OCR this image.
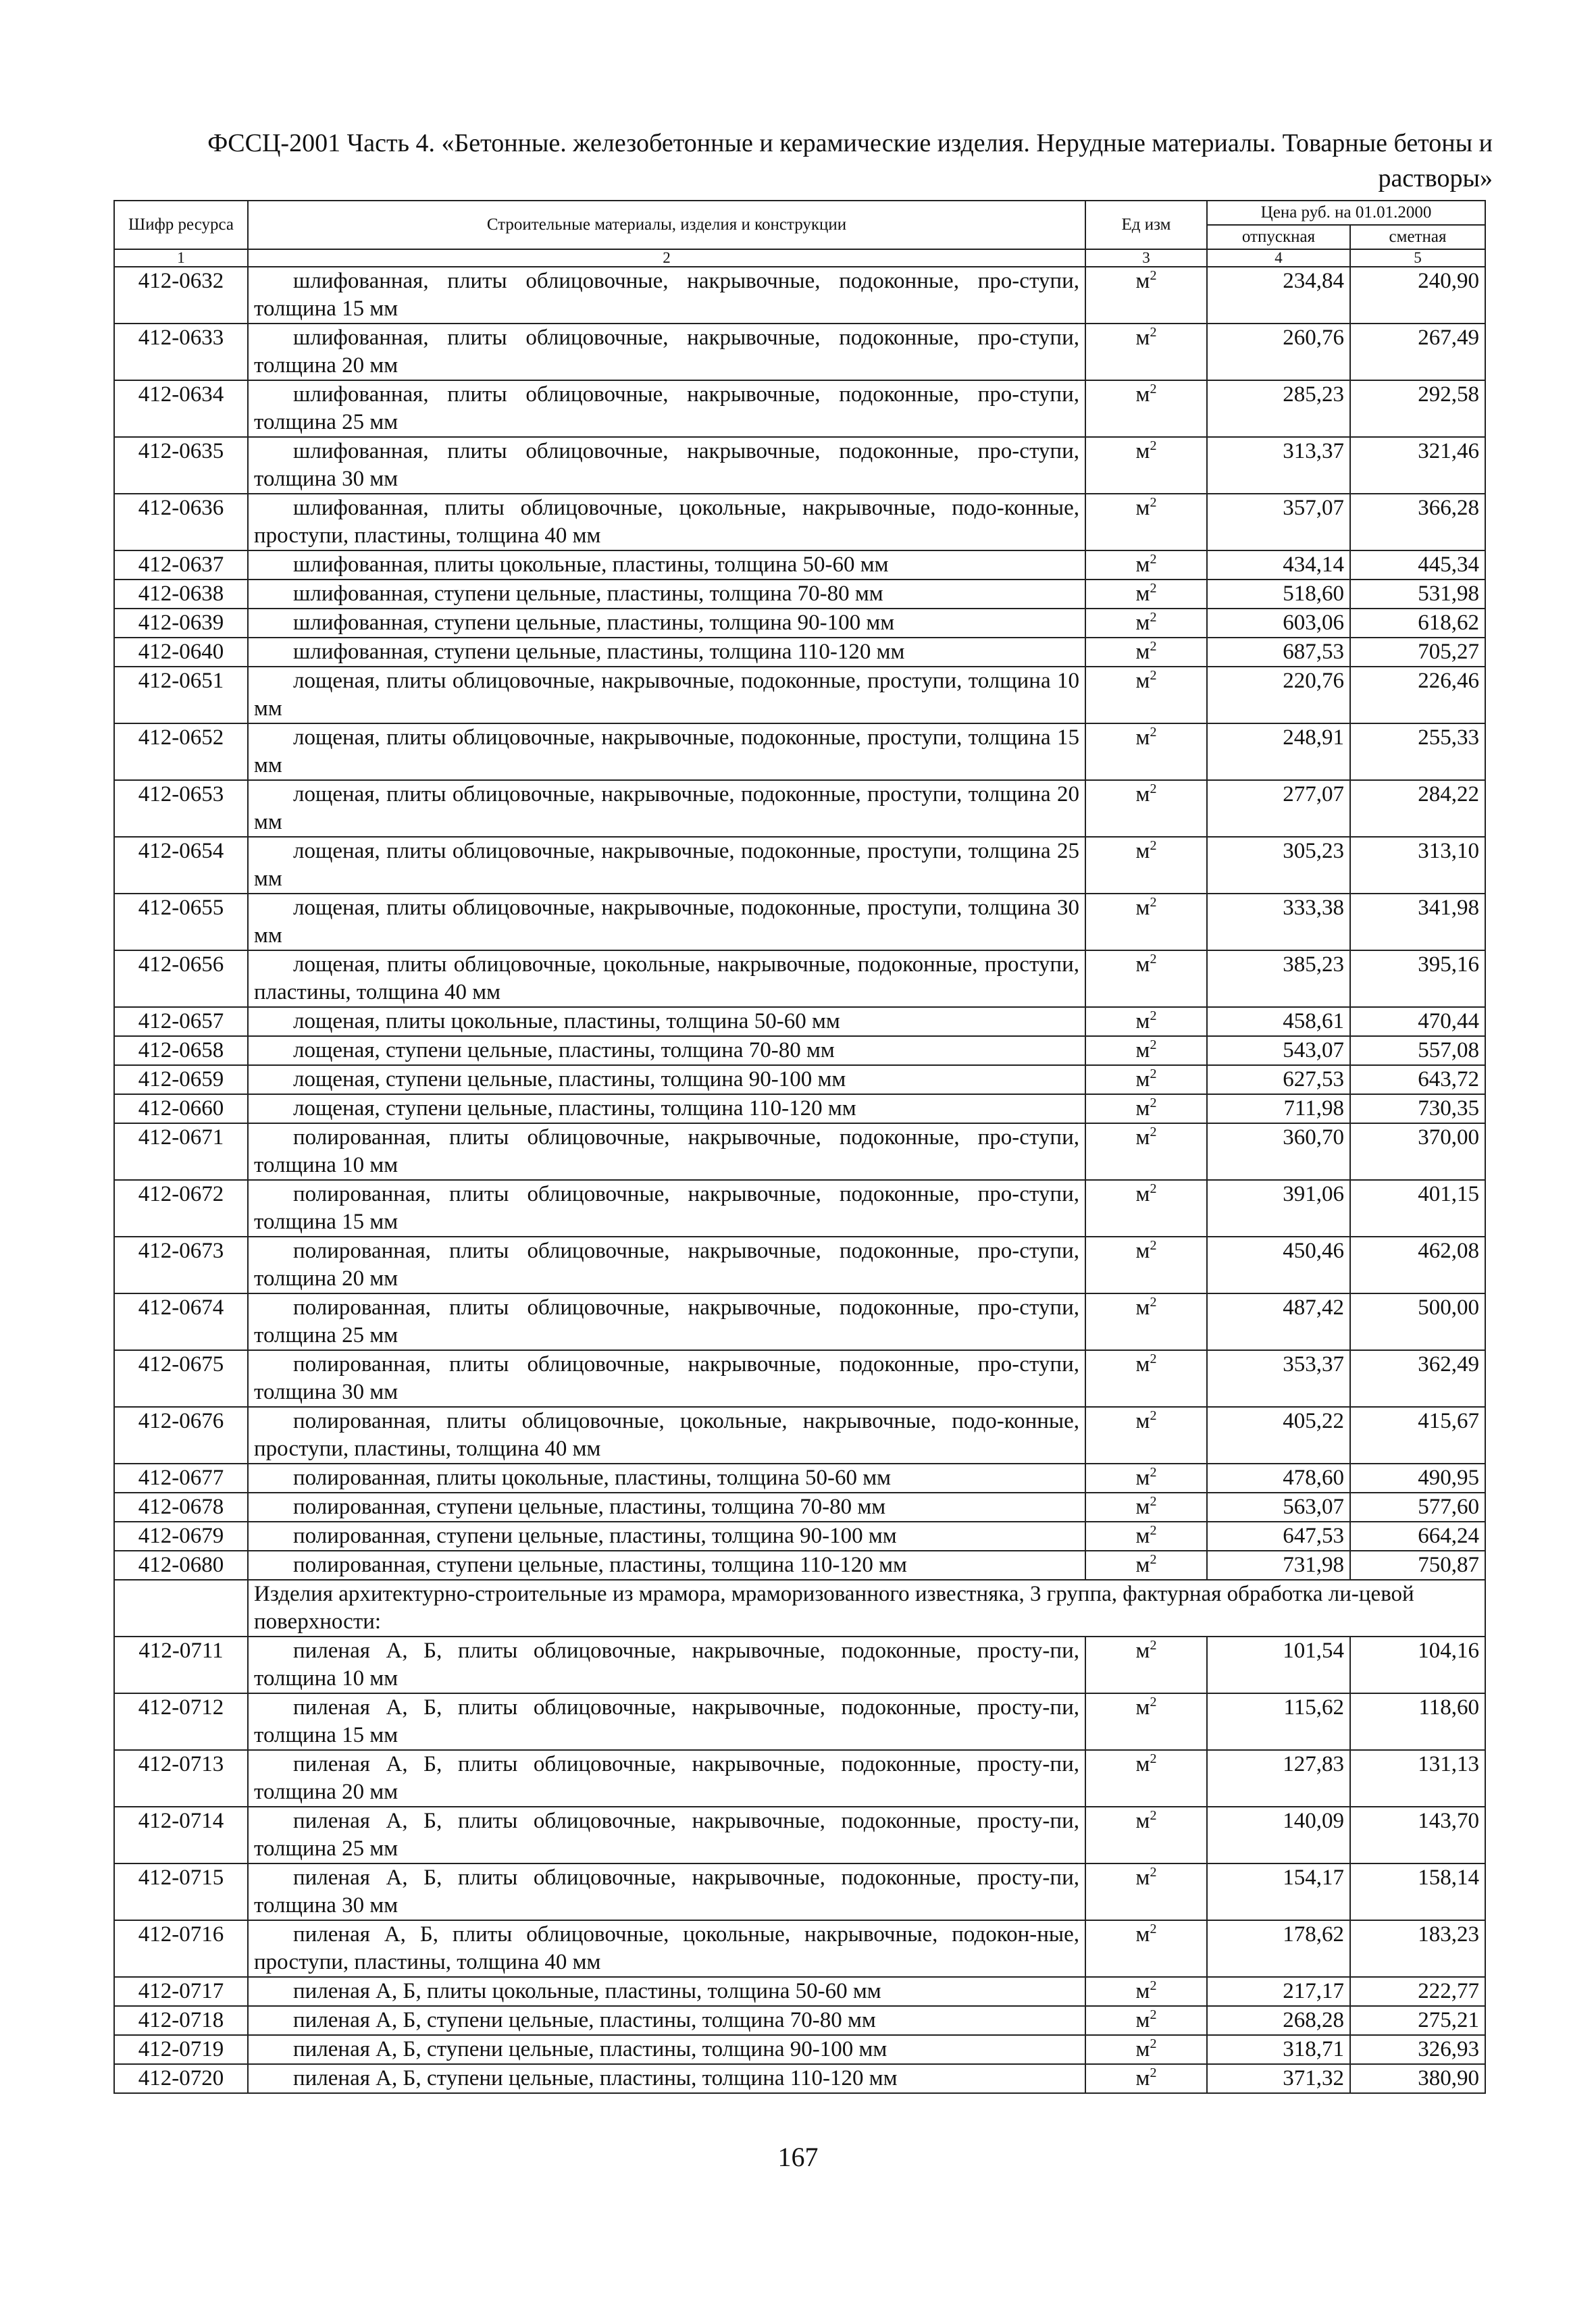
ФССЦ-2001 Часть 4. «Бетонные. железобетонные и керамические изделия. Нерудные материалы. Товарные бетоны и
растворы»
Шифр ресурса	Строительные материалы, изделия и конструкции	Ед изм	Цена руб. на 01.01.2000	
			отпускная	сметная
1	2	3	4	5
412-0632	шлифованная, плиты облицовочные, накрывочные, подоконные, про-ступи, толщина 15 мм	$м^2$	234,84	240,90
412-0633	шлифованная, плиты облицовочные, накрывочные, подоконные, про-ступи, толщина 20 мм	$м^2$	260,76	267,49
412-0634	шлифованная, плиты облицовочные, накрывочные, подоконные, про-ступи, толщина 25 мм	$м^2$	285,23	292,58
412-0635	шлифованная, плиты облицовочные, накрывочные, подоконные, про-ступи, толщина 30 мм	$м^2$	313,37	321,46
412-0636	шлифованная, плиты облицовочные, цокольные, накрывочные, подо-конные, проступи, пластины, толщина 40 мм	$м^2$	357,07	366,28
412-0637	шлифованная, плиты цокольные, пластины, толщина 50-60 мм	$м^2$	434,14	445,34
412-0638	шлифованная, ступени цельные, пластины, толщина 70-80 мм	$м^2$	518,60	531,98
412-0639	шлифованная, ступени цельные, пластины, толщина 90-100 мм	$м^2$	603,06	618,62
412-0640	шлифованная, ступени цельные, пластины, толщина 110-120 мм	$м^2$	687,53	705,27
412-0651	лощеная, плиты облицовочные, накрывочные, подоконные, проступи, толщина 10 мм	$м^2$	220,76	226,46
412-0652	лощеная, плиты облицовочные, накрывочные, подоконные, проступи, толщина 15 мм	$м^2$	248,91	255,33
412-0653	лощеная, плиты облицовочные, накрывочные, подоконные, проступи, толщина 20 мм	$м^2$	277,07	284,22
412-0654	лощеная, плиты облицовочные, накрывочные, подоконные, проступи, толщина 25 мм	$м^2$	305,23	313,10
412-0655	лощеная, плиты облицовочные, накрывочные, подоконные, проступи, толщина 30 мм	$м^2$	333,38	341,98
412-0656	лощеная, плиты облицовочные, цокольные, накрывочные, подоконные, проступи, пластины, толщина 40 мм	$м^2$	385,23	395,16
412-0657	лощеная, плиты цокольные, пластины, толщина 50-60 мм	$м^2$	458,61	470,44
412-0658	лощеная, ступени цельные, пластины, толщина 70-80 мм	$м^2$	543,07	557,08
412-0659	лощеная, ступени цельные, пластины, толщина 90-100 мм	$м^2$	627,53	643,72
412-0660	лощеная, ступени цельные, пластины, толщина 110-120 мм	$м^2$	711,98	730,35
412-0671	полированная, плиты облицовочные, накрывочные, подоконные, про-ступи, толщина 10 мм	$м^2$	360,70	370,00
412-0672	полированная, плиты облицовочные, накрывочные, подоконные, про-ступи, толщина 15 мм	$м^2$	391,06	401,15
412-0673	полированная, плиты облицовочные, накрывочные, подоконные, про-ступи, толщина 20 мм	$м^2$	450,46	462,08
412-0674	полированная, плиты облицовочные, накрывочные, подоконные, про-ступи, толщина 25 мм	$м^2$	487,42	500,00
412-0675	полированная, плиты облицовочные, накрывочные, подоконные, про-ступи, толщина 30 мм	$м^2$	353,37	362,49
412-0676	полированная, плиты облицовочные, цокольные, накрывочные, подо-конные, проступи, пластины, толщина 40 мм	$м^2$	405,22	415,67
412-0677	полированная, плиты цокольные, пластины, толщина 50-60 мм	$м^2$	478,60	490,95
412-0678	полированная, ступени цельные, пластины, толщина 70-80 мм	$м^2$	563,07	577,60
412-0679	полированная, ступени цельные, пластины, толщина 90-100 мм	$м^2$	647,53	664,24
412-0680	полированная, ступени цельные, пластины, толщина 110-120 мм	$м^2$	731,98	750,87
	Изделия архитектурно-строительные из мрамора, мраморизованного известняка, 3 группа, фактурная обработка ли-цевой поверхности:			
412-0711	пиленая А, Б, плиты облицовочные, накрывочные, подоконные, просту-пи, толщина 10 мм	$м^2$	101,54	104,16
412-0712	пиленая А, Б, плиты облицовочные, накрывочные, подоконные, просту-пи, толщина 15 мм	$м^2$	115,62	118,60
412-0713	пиленая А, Б, плиты облицовочные, накрывочные, подоконные, просту-пи, толщина 20 мм	$м^2$	127,83	131,13
412-0714	пиленая А, Б, плиты облицовочные, накрывочные, подоконные, просту-пи, толщина 25 мм	$м^2$	140,09	143,70
412-0715	пиленая А, Б, плиты облицовочные, накрывочные, подоконные, просту-пи, толщина 30 мм	$м^2$	154,17	158,14
412-0716	пиленая А, Б, плиты облицовочные, цокольные, накрывочные, подокон-ные, проступи, пластины, толщина 40 мм	$м^2$	178,62	183,23
412-0717	пиленая А, Б, плиты цокольные, пластины, толщина 50-60 мм	$м^2$	217,17	222,77
412-0718	пиленая А, Б, ступени цельные, пластины, толщина 70-80 мм	$м^2$	268,28	275,21
412-0719	пиленая А, Б, ступени цельные, пластины, толщина 90-100 мм	$м^2$	318,71	326,93
412-0720	пиленая А, Б, ступени цельные, пластины, толщина 110-120 мм	$м^2$	371,32	380,90
167
